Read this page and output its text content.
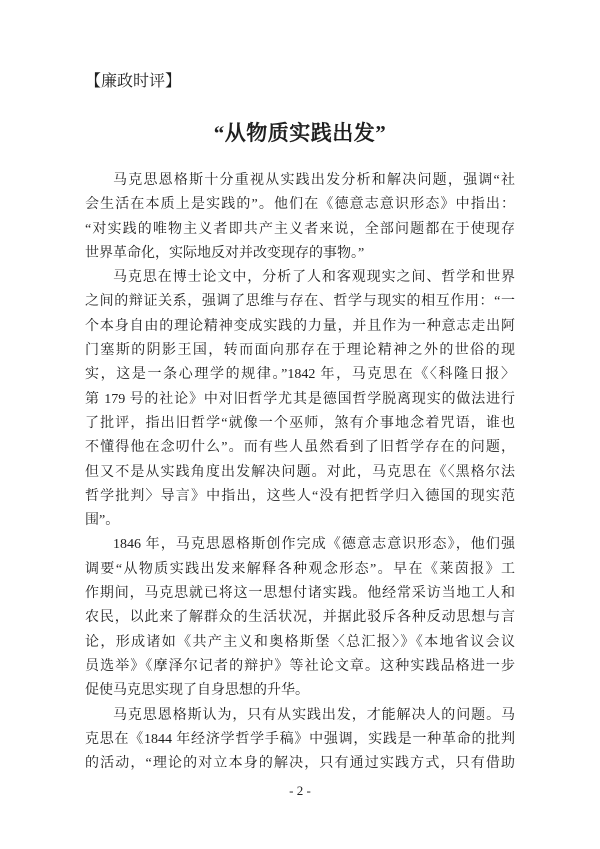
【廉政时评】
“从物质实践出发”
马克思恩格斯十分重视从实践出发分析和解决问题，强调“社
会生活在本质上是实践的”。他们在《德意志意识形态》中指出：
“对实践的唯物主义者即共产主义者来说，全部问题都在于使现存
世界革命化，实际地反对并改变现存的事物。”
马克思在博士论文中，分析了人和客观现实之间、哲学和世界
之间的辩证关系，强调了思维与存在、哲学与现实的相互作用：“一
个本身自由的理论精神变成实践的力量，并且作为一种意志走出阿
门塞斯的阴影王国，转而面向那存在于理论精神之外的世俗的现
实，这是一条心理学的规律。”1842 年，马克思在《〈科隆日报〉
第 179 号的社论》中对旧哲学尤其是德国哲学脱离现实的做法进行
了批评，指出旧哲学“就像一个巫师，煞有介事地念着咒语，谁也
不懂得他在念叨什么”。而有些人虽然看到了旧哲学存在的问题，
但又不是从实践角度出发解决问题。对此，马克思在《〈黑格尔法
哲学批判〉导言》中指出，这些人“没有把哲学归入德国的现实范
围”。
1846 年，马克思恩格斯创作完成《德意志意识形态》，他们强
调要“从物质实践出发来解释各种观念形态”。早在《莱茵报》工
作期间，马克思就已将这一思想付诸实践。他经常采访当地工人和
农民，以此来了解群众的生活状况，并据此驳斥各种反动思想与言
论，形成诸如《共产主义和奥格斯堡〈总汇报〉》《本地省议会议
员选举》《摩泽尔记者的辩护》等社论文章。这种实践品格进一步
促使马克思实现了自身思想的升华。
马克思恩格斯认为，只有从实践出发，才能解决人的问题。马
克思在《1844 年经济学哲学手稿》中强调，实践是一种革命的批判
的活动，“理论的对立本身的解决，只有通过实践方式，只有借助
- 2 -
